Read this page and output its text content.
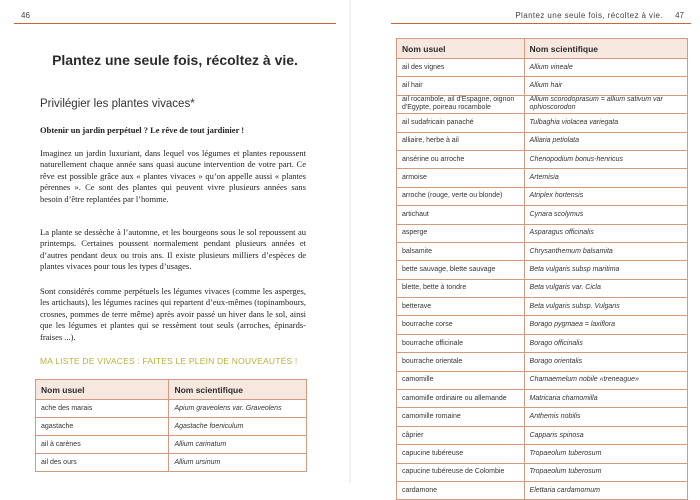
46
Plantez une seule fois, récoltez à vie.
Privilégier les plantes vivaces*

Obtenir un jardin perpétuel ? Le rêve de tout jardinier !

Imaginez un jardin luxuriant, dans lequel vos légumes et plantes repoussent naturellement chaque année sans quasi aucune intervention de votre part. Ce rêve est possible grâce aux « plantes vivaces » qu’on appelle aussi « plantes pérennes ». Ce sont des plantes qui peuvent vivre plusieurs années sans besoin d’être replantées par l’homme.

La plante se dessèche à l’automne, et les bourgeons sous le sol repoussent au printemps. Certaines poussent normalement pendant plusieurs années et d’autres pendant deux ou trois ans. Il existe plusieurs milliers d’espèces de plantes vivaces pour tous les types d’usages.

Sont considérés comme perpétuels les légumes vivaces (comme les asperges, les artichauts), les légumes racines qui repartent d’eux-mêmes (topinambours, crosnes, pommes de terre même) après avoir passé un hiver dans le sol, ainsi que les légumes et plantes qui se ressèment tout seuls (arroches, épinards-fraises ...).

MA LISTE DE VIVACES : FAITES LE PLEIN DE NOUVEAUTÉS !
Nom usuel	Nom scientifique
ache des marais	Apium graveolens var. Graveolens
agastache	Agastache foeniculum
ail à carènes	Allium carinatum
ail des ours	Allium ursinum
Plantez une seule fois, récoltez à vie. 47
Nom usuel	Nom scientifique
ail des vignes	Allium vineale
ail hair	Allium hair
ail rocambole, ail d'Espagne, oignon d'Egypte, poireau rocambole	Allium scorodoprasum = allium sativum var ophioscorodon
ail sudafricain panaché	Tulbaghia violacea variegata
alliaire, herbe à ail	Alliaria petiolata
ansérine ou arroche	Chenopodium bonus-henricus
armoise	Artemisia
arroche (rouge, verte ou blonde)	Atriplex hortensis
artichaut	Cynara scolymus
asperge	Asparagus officinalis
balsamite	Chrysanthemum balsamita
bette sauvage, blette sauvage	Beta vulgaris subsp maritima
blette, bette à tondre	Beta vulgaris var. Cicla
betterave	Beta vulgaris subsp. Vulgaris
bourrache corse	Borago pygmaea = laxiflora
bourrache officinale	Borago officinalis
bourrache orientale	Borago orientalis
camomille	Chamaemelum nobile «treneague»
camomille ordinaire ou allemande	Matricaria chamomilla
camomille romaine	Anthemis nobilis
câprier	Capparis spinosa
capucine tubéreuse	Tropaeolum tuberosum
capucine tubéreuse de Colombie	Tropaeolum tuberosum
cardamone	Elettaria cardamomum
